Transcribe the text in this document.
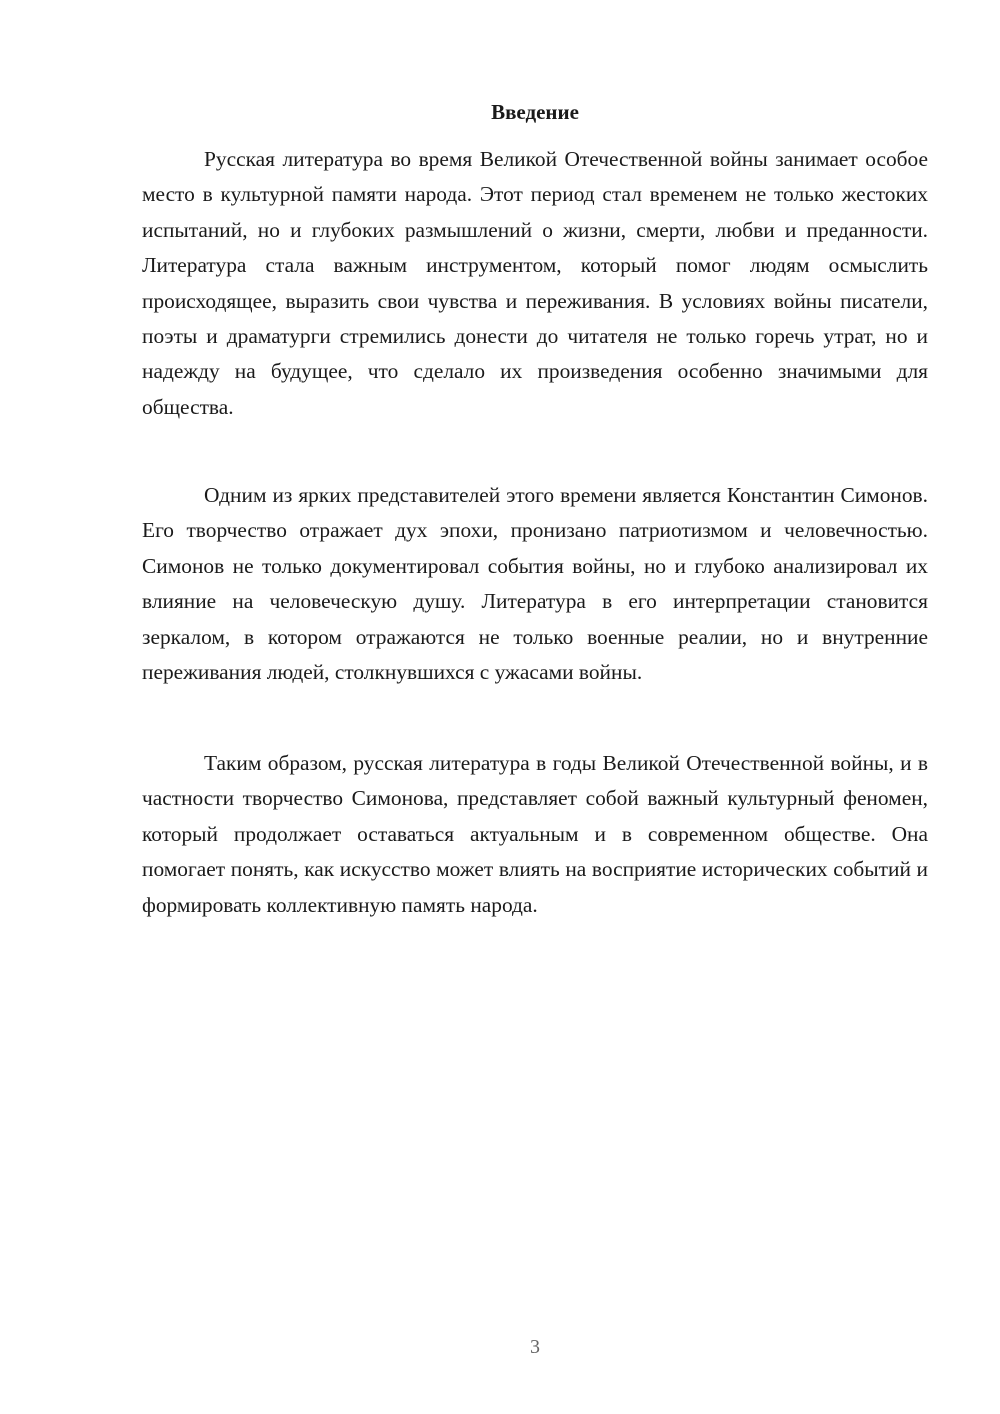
Введение

Русская литература во время Великой Отечественной войны занимает особое место в культурной памяти народа. Этот период стал временем не только жестоких испытаний, но и глубоких размышлений о жизни, смерти, любви и преданности. Литература стала важным инструментом, который помог людям осмыслить происходящее, выразить свои чувства и переживания. В условиях войны писатели, поэты и драматурги стремились донести до читателя не только горечь утрат, но и надежду на будущее, что сделало их произведения особенно значимыми для общества.

Одним из ярких представителей этого времени является Константин Симонов. Его творчество отражает дух эпохи, пронизано патриотизмом и человечностью. Симонов не только документировал события войны, но и глубоко анализировал их влияние на человеческую душу. Литература в его интерпретации становится зеркалом, в котором отражаются не только военные реалии, но и внутренние переживания людей, столкнувшихся с ужасами войны.

Таким образом, русская литература в годы Великой Отечественной войны, и в частности творчество Симонова, представляет собой важный культурный феномен, который продолжает оставаться актуальным и в современном обществе. Она помогает понять, как искусство может влиять на восприятие исторических событий и формировать коллективную память народа.

3
